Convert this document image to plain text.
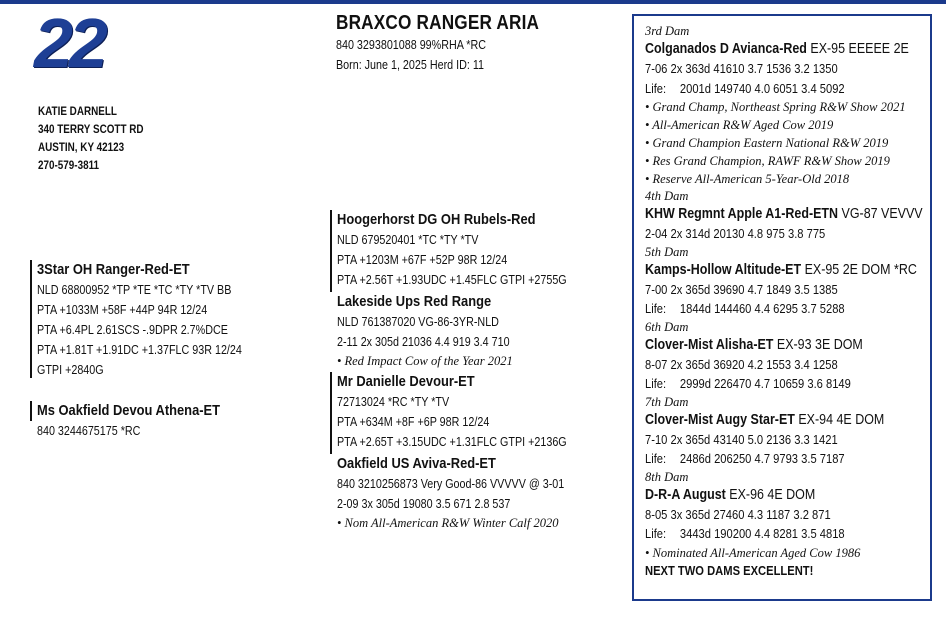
22
KATIE DARNELL
340 TERRY SCOTT RD
AUSTIN, KY 42123
270-579-3811
BRAXCO RANGER ARIA
840 3293801088 99%RHA *RC
Born: June 1, 2025 Herd ID: 11
3Star OH Ranger-Red-ET
NLD 68800952 *TP *TE *TC *TY *TV BB
PTA +1033M +58F +44P 94R 12/24
PTA +6.4PL 2.61SCS -.9DPR 2.7%DCE
PTA +1.81T +1.91DC +1.37FLC 93R 12/24
GTPI +2840G
Ms Oakfield Devou Athena-ET
840 3244675175 *RC
Hoogerhorst DG OH Rubels-Red
NLD 679520401 *TC *TY *TV
PTA +1203M +67F +52P 98R 12/24
PTA +2.56T +1.93UDC +1.45FLC GTPI +2755G
Lakeside Ups Red Range
NLD 761387020 VG-86-3YR-NLD
2-11 2x 305d 21036 4.4 919 3.4 710
• Red Impact Cow of the Year 2021
Mr Danielle Devour-ET
72713024 *RC *TY *TV
PTA +634M +8F +6P 98R 12/24
PTA +2.65T +3.15UDC +1.31FLC GTPI +2136G
Oakfield US Aviva-Red-ET
840 3210256873 Very Good-86 VVVVV @ 3-01
2-09 3x 305d 19080 3.5 671 2.8 537
• Nom All-American R&W Winter Calf 2020
3rd Dam
Colganados D Avianca-Red EX-95 EEEEE 2E
7-06 2x 363d 41610 3.7 1536 3.2 1350
Life: 2001d 149740 4.0 6051 3.4 5092
• Grand Champ, Northeast Spring R&W Show 2021
• All-American R&W Aged Cow 2019
• Grand Champion Eastern National R&W 2019
• Res Grand Champion, RAWF R&W Show 2019
• Reserve All-American 5-Year-Old 2018
4th Dam
KHW Regmnt Apple A1-Red-ETN VG-87 VEVVV
2-04 2x 314d 20130 4.8 975 3.8 775
5th Dam
Kamps-Hollow Altitude-ET EX-95 2E DOM *RC
7-00 2x 365d 39690 4.7 1849 3.5 1385
Life: 1844d 144460 4.4 6295 3.7 5288
6th Dam
Clover-Mist Alisha-ET EX-93 3E DOM
8-07 2x 365d 36920 4.2 1553 3.4 1258
Life: 2999d 226470 4.7 10659 3.6 8149
7th Dam
Clover-Mist Augy Star-ET EX-94 4E DOM
7-10 2x 365d 43140 5.0 2136 3.3 1421
Life: 2486d 206250 4.7 9793 3.5 7187
8th Dam
D-R-A August EX-96 4E DOM
8-05 3x 365d 27460 4.3 1187 3.2 871
Life: 3443d 190200 4.4 8281 3.5 4818
• Nominated All-American Aged Cow 1986
NEXT TWO DAMS EXCELLENT!
